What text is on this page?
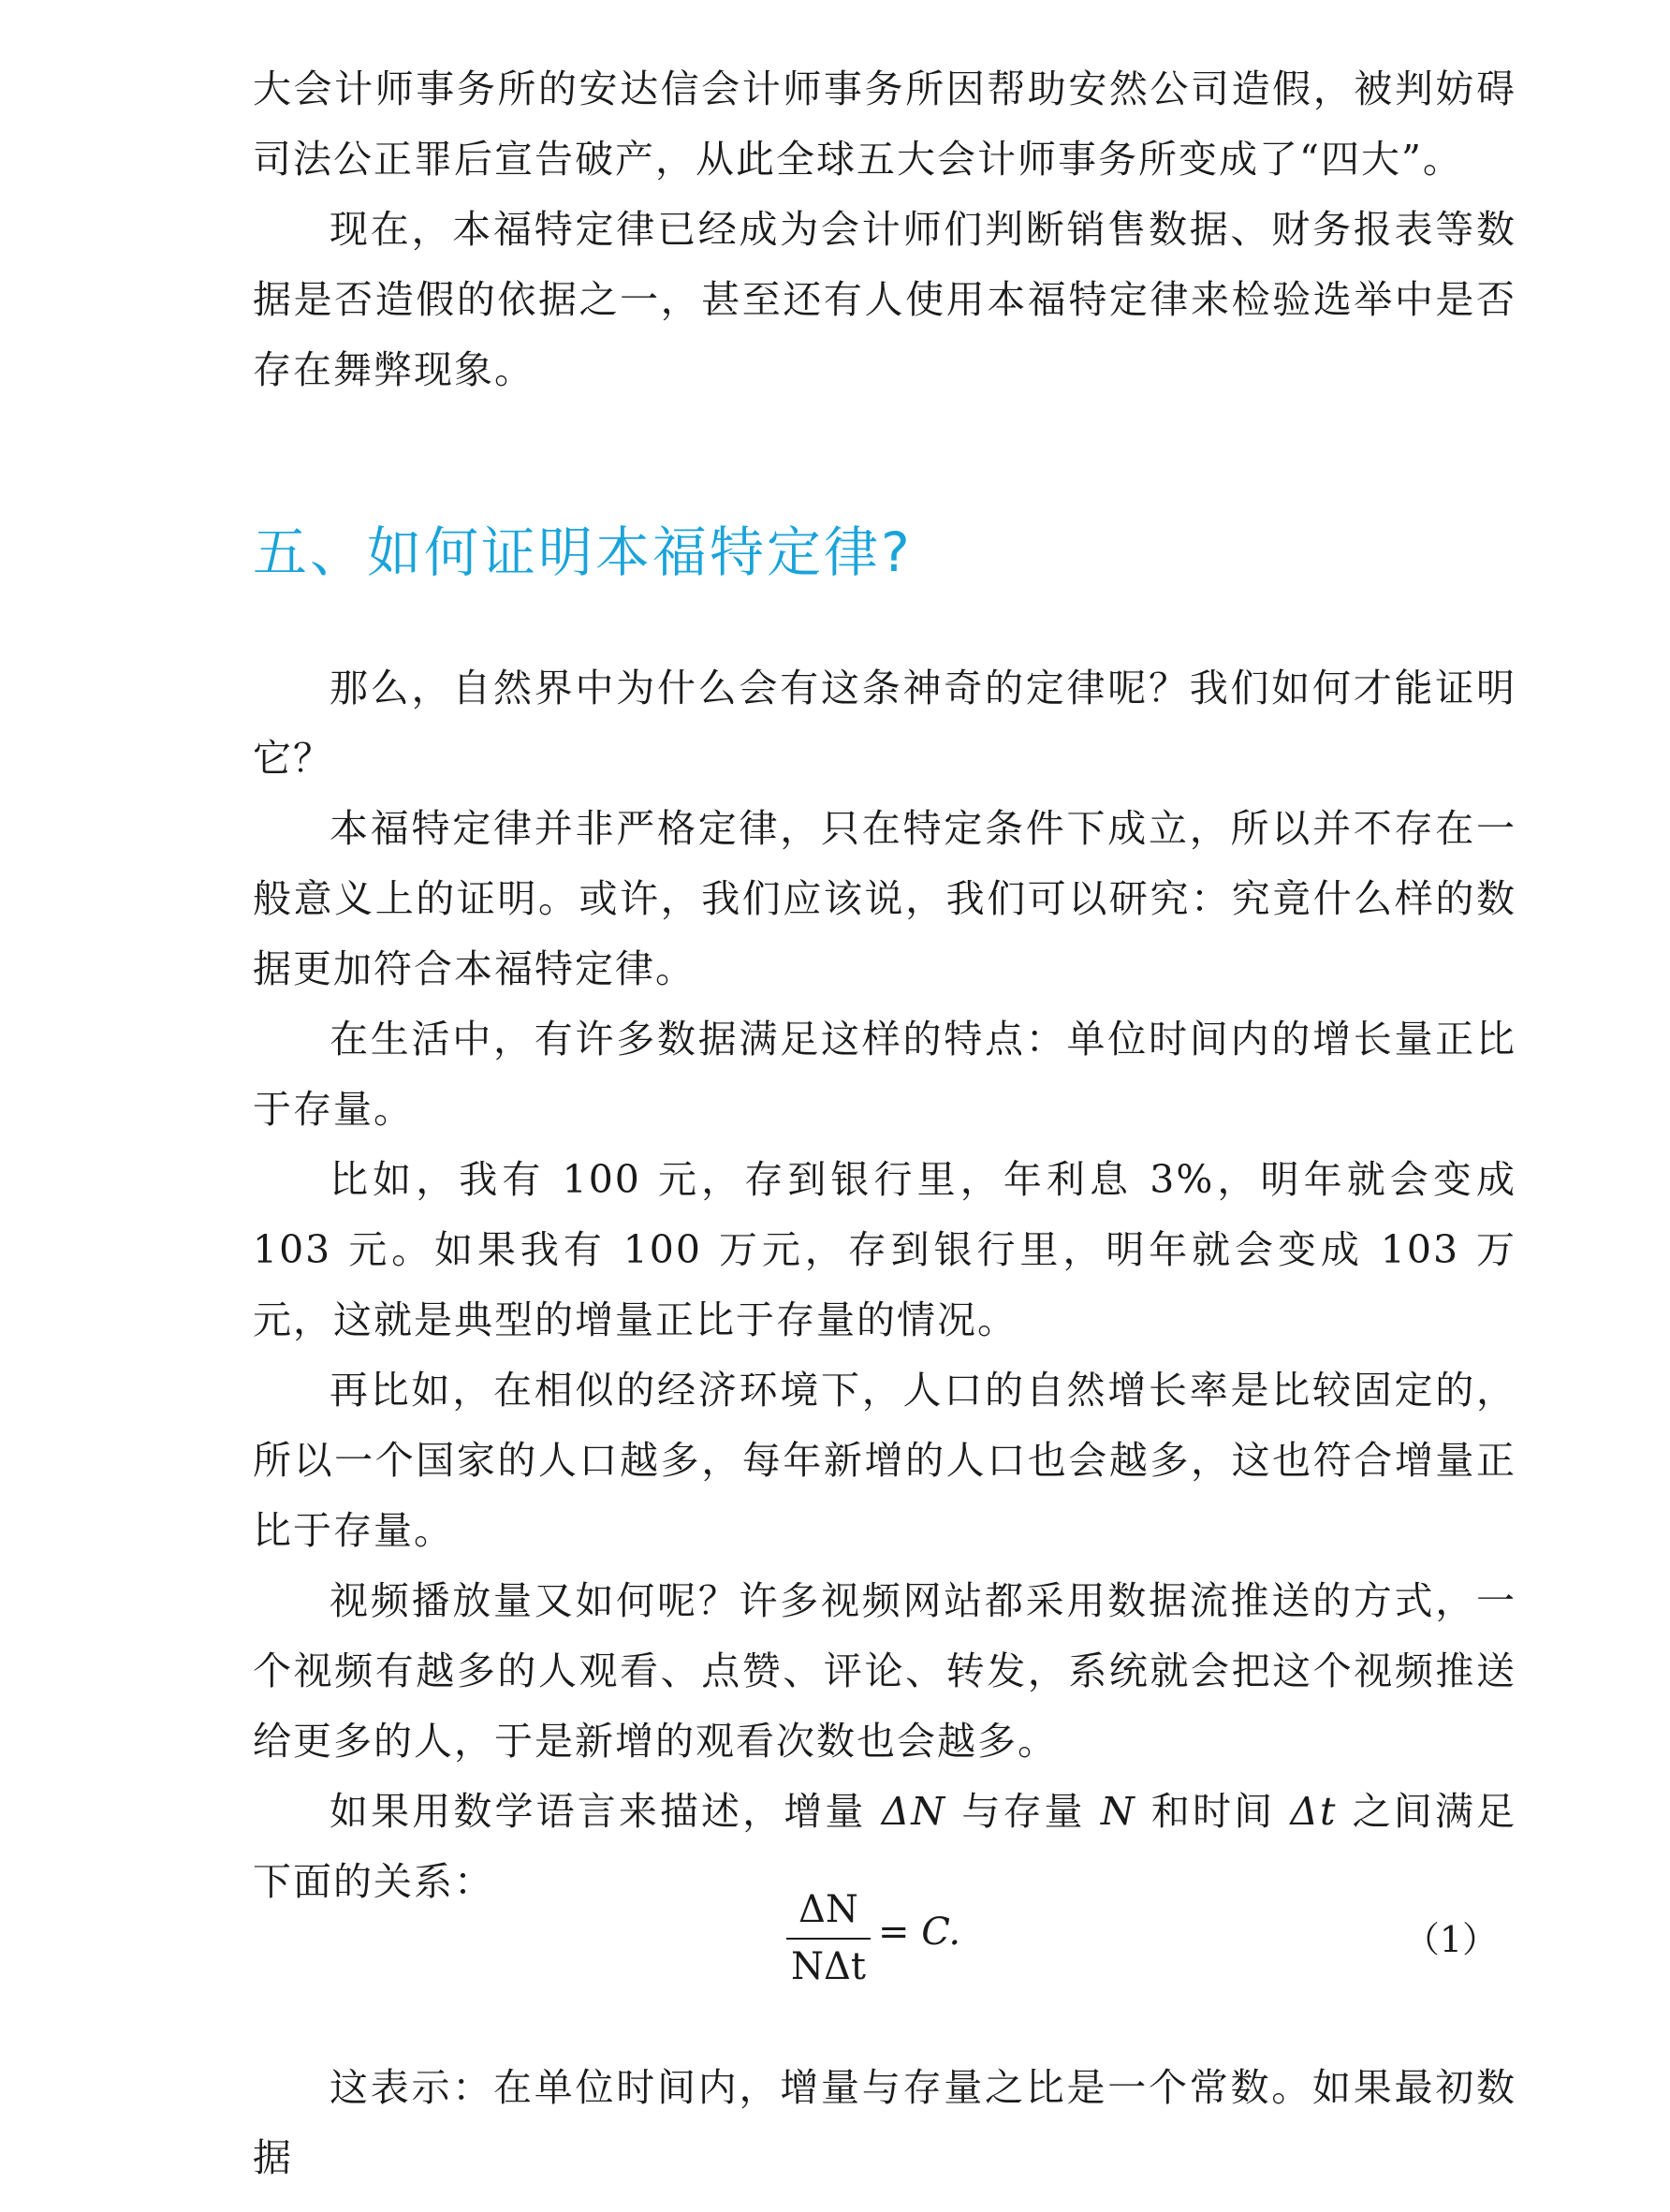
大会计师事务所的安达信会计师事务所因帮助安然公司造假，被判妨碍司法公正罪后宣告破产，从此全球五大会计师事务所变成了“四大”。

现在，本福特定律已经成为会计师们判断销售数据、财务报表等数据是否造假的依据之一，甚至还有人使用本福特定律来检验选举中是否存在舞弊现象。

五、如何证明本福特定律?

那么，自然界中为什么会有这条神奇的定律呢？我们如何才能证明它？

本福特定律并非严格定律，只在特定条件下成立，所以并不存在一般意义上的证明。或许，我们应该说，我们可以研究：究竟什么样的数据更加符合本福特定律。

在生活中，有许多数据满足这样的特点：单位时间内的增长量正比于存量。

比如，我有 100 元，存到银行里，年利息 3%，明年就会变成 103 元。如果我有 100 万元，存到银行里，明年就会变成 103 万元，这就是典型的增量正比于存量的情况。

再比如，在相似的经济环境下，人口的自然增长率是比较固定的，所以一个国家的人口越多，每年新增的人口也会越多，这也符合增量正比于存量。

视频播放量又如何呢？许多视频网站都采用数据流推送的方式，一个视频有越多的人观看、点赞、评论、转发，系统就会把这个视频推送给更多的人，于是新增的观看次数也会越多。

如果用数学语言来描述，增量 ΔN 与存量 N 和时间 Δt 之间满足下面的关系：

ΔN
NΔt
= C.	（1）

这表示：在单位时间内，增量与存量之比是一个常数。如果最初数据
